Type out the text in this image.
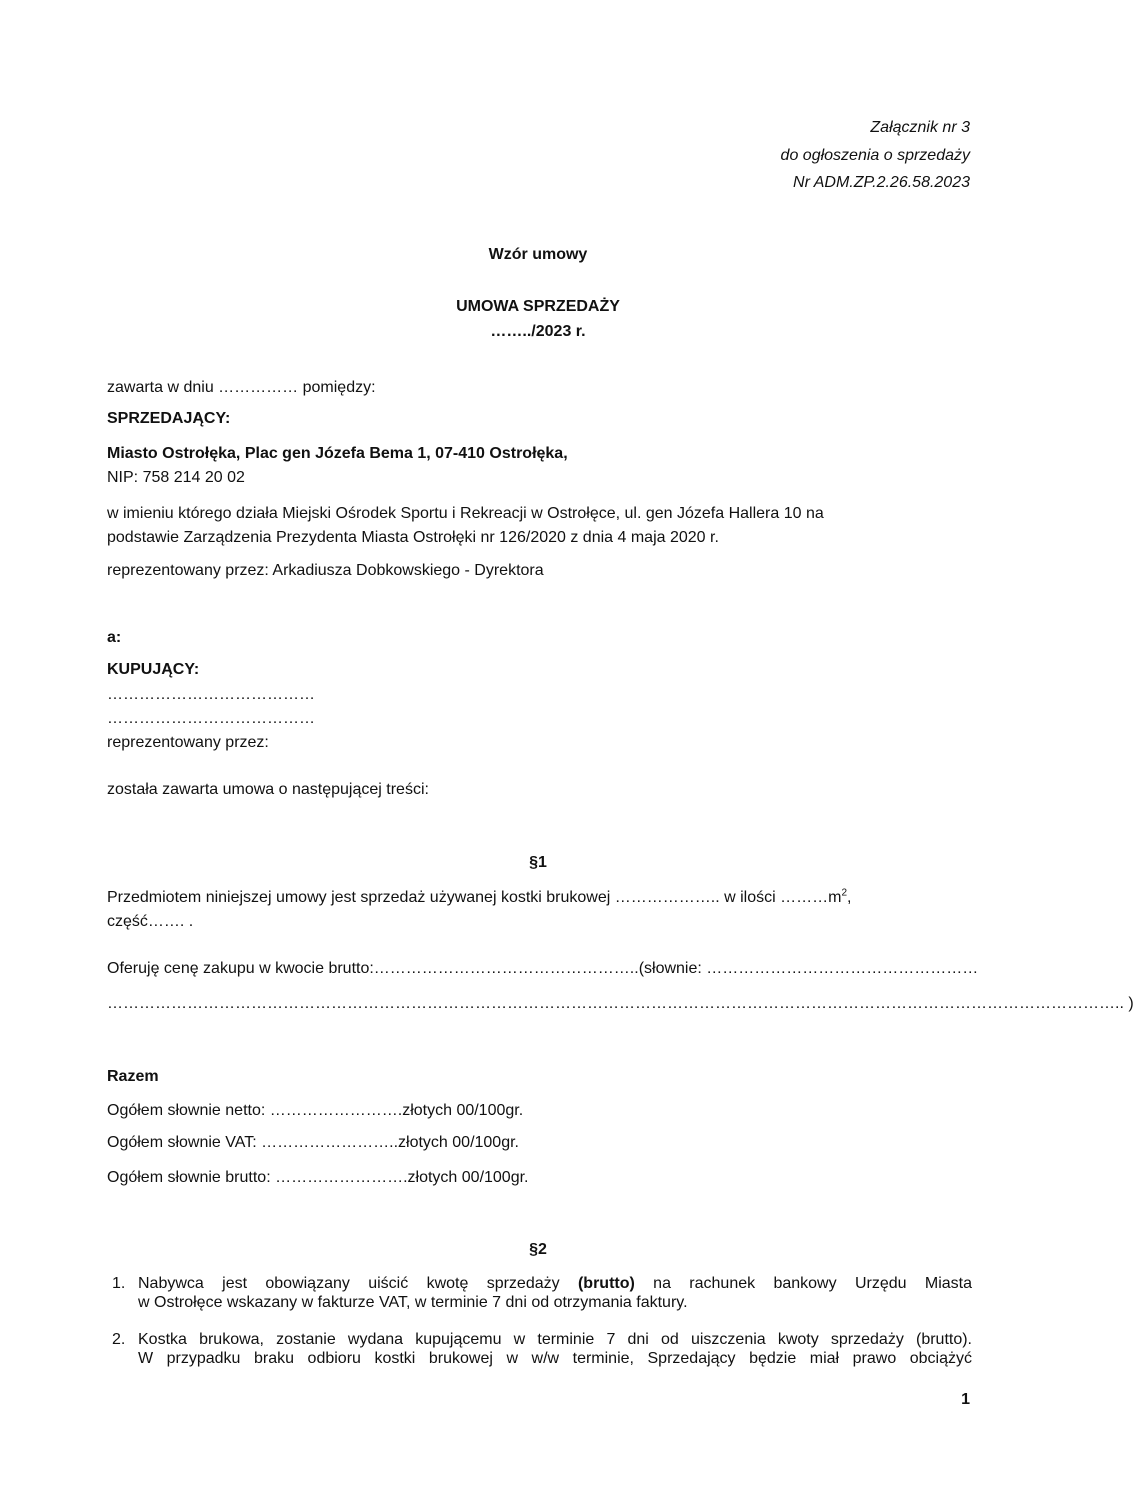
Załącznik nr 3
do ogłoszenia o sprzedaży
Nr ADM.ZP.2.26.58.2023
Wzór umowy
UMOWA SPRZEDAŻY
……../2023 r.
zawarta w dniu …………… pomiędzy:
SPRZEDAJĄCY:
Miasto Ostrołęka, Plac gen Józefa Bema 1, 07-410 Ostrołęka,
NIP: 758 214 20 02
w imieniu którego działa Miejski Ośrodek Sportu i Rekreacji w Ostrołęce, ul. gen Józefa Hallera 10 na
podstawie Zarządzenia Prezydenta Miasta Ostrołęki nr 126/2020 z dnia 4 maja 2020 r.
reprezentowany przez: Arkadiusza Dobkowskiego - Dyrektora
a:
KUPUJĄCY:
…………………………………
…………………………………
reprezentowany przez:
została zawarta umowa o następującej treści:
§1
Przedmiotem niniejszej umowy jest sprzedaż używanej kostki brukowej ……………….. w ilości $\dots\dots\dots m^2$,
część……. .
Oferuję cenę zakupu w kwocie brutto:…………………………………………..(słownie: ……………………………………………
……………………………………………………………………………………………………………………………………………………………………….. )
Razem
Ogółem słownie netto: …………………….złotych 00/100gr.
Ogółem słownie VAT: ……………………..złotych 00/100gr.
Ogółem słownie brutto: …………………….złotych 00/100gr.
§2
1. Nabywca jest obowiązany uiścić kwotę sprzedaży (brutto) na rachunek bankowy Urzędu Miasta
w Ostrołęce wskazany w fakturze VAT, w terminie 7 dni od otrzymania faktury.
2. Kostka brukowa, zostanie wydana kupującemu w terminie 7 dni od uiszczenia kwoty sprzedaży (brutto).
W przypadku braku odbioru kostki brukowej w w/w terminie, Sprzedający będzie miał prawo obciążyć
1
